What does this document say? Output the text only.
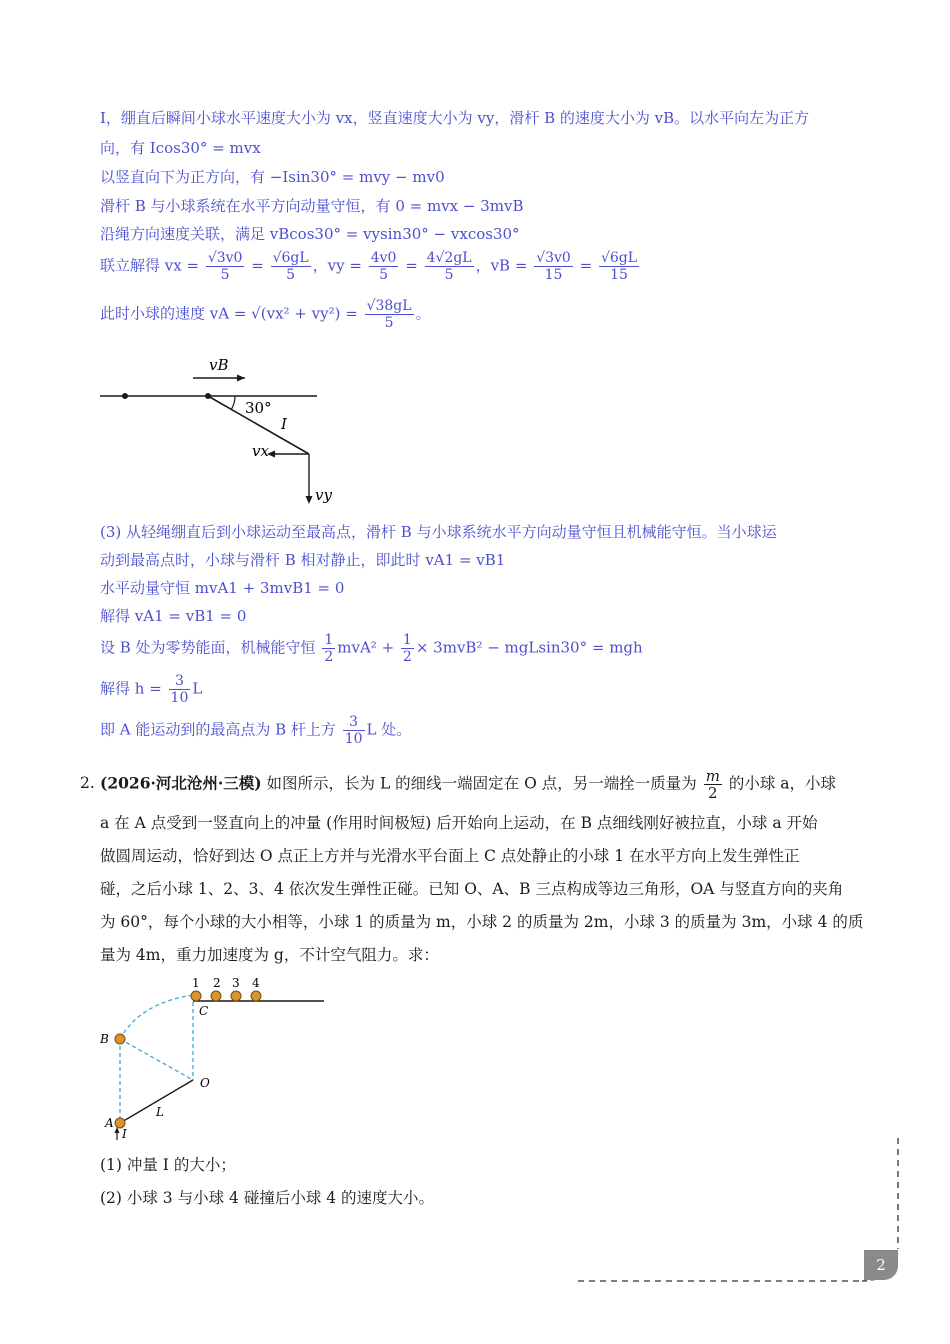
I，绷直后瞬间小球水平速度大小为 vx，竖直速度大小为 vy，滑杆 B 的速度大小为 vB。以水平向左为正方
向，有 Icos30° = mvx
以竖直向下为正方向，有 −Isin30° = mvy − mv0
滑杆 B 与小球系统在水平方向动量守恒，有 0 = mvx − 3mvB
沿绳方向速度关联，满足 vBcos30° = vysin30° − vxcos30°
联立解得 vx = $\frac{√3v0}{5} = \frac{√6gL}{5}$ ，vy = $\frac{4v0}{5} = \frac{4√2gL}{5}$ ，vB = $\frac{√3v0}{15} = \frac{√6gL}{15}$
此时小球的速度 vA = $√(vx^2 + vy^2) = \frac{√38gL}{5}$ 。
vB
30°
I
vx
vy
(3) 从轻绳绷直后到小球运动至最高点，滑杆 B 与小球系统水平方向动量守恒且机械能守恒。当小球运
动到最高点时，小球与滑杆 B 相对静止，即此时 vA1 = vB1
水平动量守恒 mvA1 + 3mvB1 = 0
解得 vA1 = vB1 = 0
设 B 处为零势能面，机械能守恒 $\frac{1}{2} mvA^2 + \frac{1}{2} \times 3mvB^2 - mgLsin30^\circ$ = mgh
解得 $h = \frac{3}{10}$ L
即 A 能运动到的最高点为 B 杆上方 $\frac{3}{10}$ L 处。
2. (2026·河北沧州·三模) 如图所示，长为 L 的细线一端固定在 O 点，另一端拴一质量为 $\frac{m}{2}$ 的小球 a，小球
a 在 A 点受到一竖直向上的冲量 (作用时间极短) 后开始向上运动，在 B 点细线刚好被拉直，小球 a 开始
做圆周运动，恰好到达 O 点正上方并与光滑水平台面上 C 点处静止的小球 1 在水平方向上发生弹性正
碰，之后小球 1、2、3、4 依次发生弹性正碰。已知 O、A、B 三点构成等边三角形，OA 与竖直方向的夹角
为 60°，每个小球的大小相等，小球 1 的质量为 m，小球 2 的质量为 2m，小球 3 的质量为 3m，小球 4 的质
量为 4m，重力加速度为 g，不计空气阻力。求：
1 2 3 4
C
B
O
L
A
I
(1) 冲量 I 的大小；
(2) 小球 3 与小球 4 碰撞后小球 4 的速度大小。
2
